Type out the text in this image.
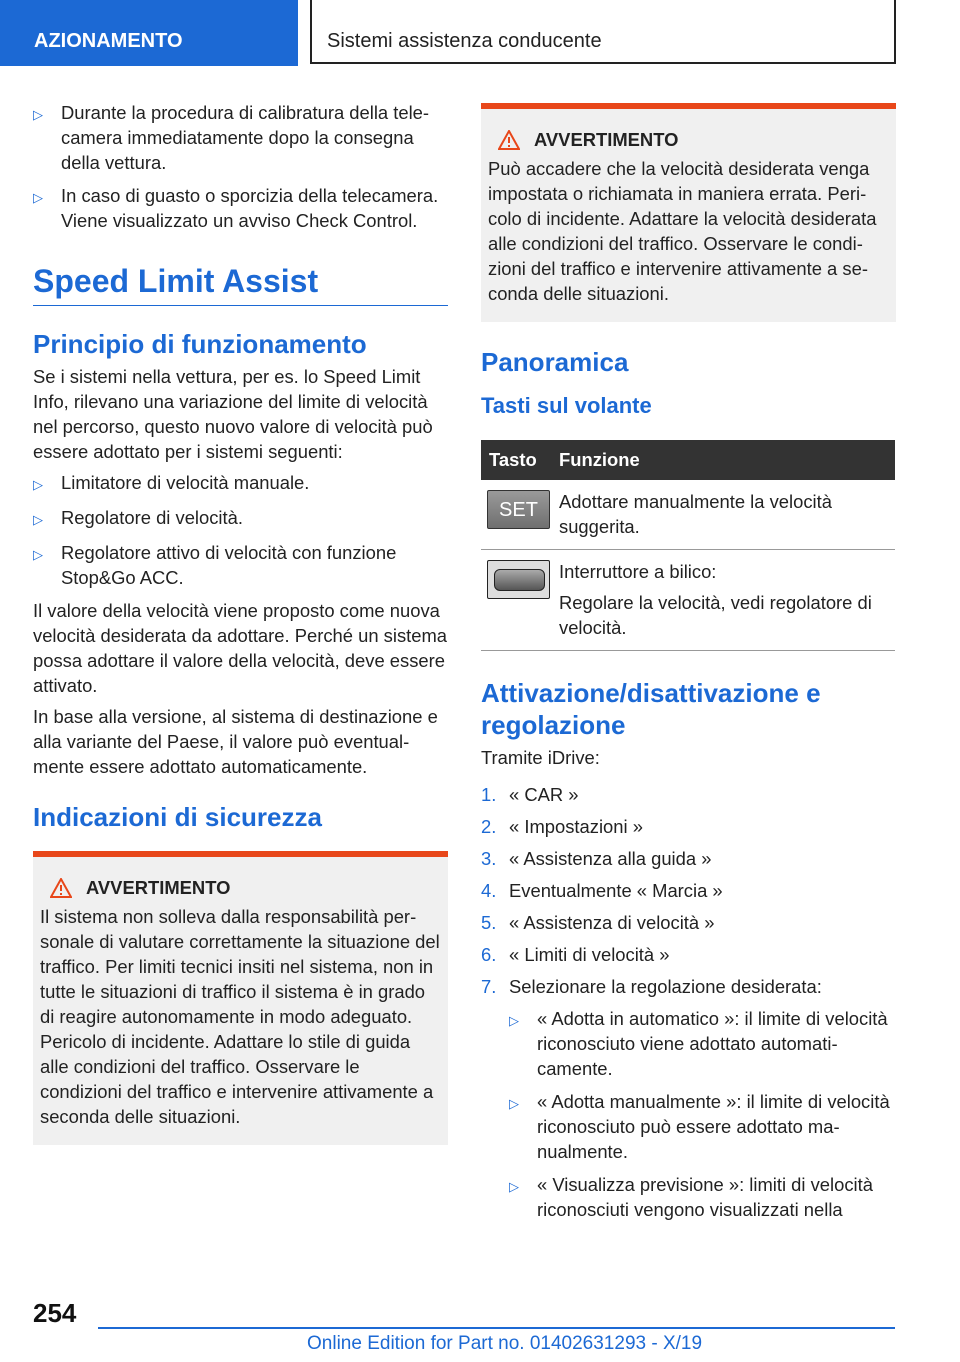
AZIONAMENTO	Sistemi assistenza conducente
▷ Durante la procedura di calibratura della telecamera immediatamente dopo la consegna della vettura.
▷ In caso di guasto o sporcizia della telecamera. Viene visualizzato un avviso Check Control.
Speed Limit Assist
Principio di funzionamento

Se i sistemi nella vettura, per es. lo Speed Limit Info, rilevano una variazione del limite di velocità nel percorso, questo nuovo valore di velocità può essere adottato per i sistemi seguenti:

▷ Limitatore di velocità manuale.
▷ Regolatore di velocità.
▷ Regolatore attivo di velocità con funzione Stop&Go ACC.

Il valore della velocità viene proposto come nuova velocità desiderata da adottare. Perché un sistema possa adottare il valore della velocità, deve essere attivato.

In base alla versione, al sistema di destinazione e alla variante del Paese, il valore può eventualmente essere adottato automaticamente.

Indicazioni di sicurezza
AVVERTIMENTO

Il sistema non solleva dalla responsabilità personale di valutare correttamente la situazione del traffico. Per limiti tecnici insiti nel sistema, non in tutte le situazioni di traffico il sistema è in grado di reagire autonomamente in modo adeguato. Pericolo di incidente. Adattare lo stile di guida alle condizioni del traffico. Osservare le condizioni del traffico e intervenire attivamente a seconda delle situazioni.

AVVERTIMENTO

Può accadere che la velocità desiderata venga impostata o richiamata in maniera errata. Pericolo di incidente. Adattare la velocità desiderata alle condizioni del traffico. Osservare le condizioni del traffico e intervenire attivamente a seconda delle situazioni.

Panoramica
Tasti sul volante
Tasto	Funzione

SET	Adottare manualmente la velocità suggerita.

	Interruttore a bilico:

Regolare la velocità, vedi regolatore di velocità.

Attivazione/disattivazione e regolazione

Tramite iDrive:

1. « CAR »
2. « Impostazioni »
3. « Assistenza alla guida »
4. Eventualmente « Marcia »
5. « Assistenza di velocità »
6. « Limiti di velocità »
7. Selezionare la regolazione desiderata:
▷ « Adotta in automatico »: il limite di velocità riconosciuto viene adottato automaticamente.
▷ « Adotta manualmente »: il limite di velocità riconosciuto può essere adottato manualmente.
▷ « Visualizza previsione »: limiti di velocità riconosciuti vengono visualizzati nella
254
Online Edition for Part no. 01402631293 - X/19
